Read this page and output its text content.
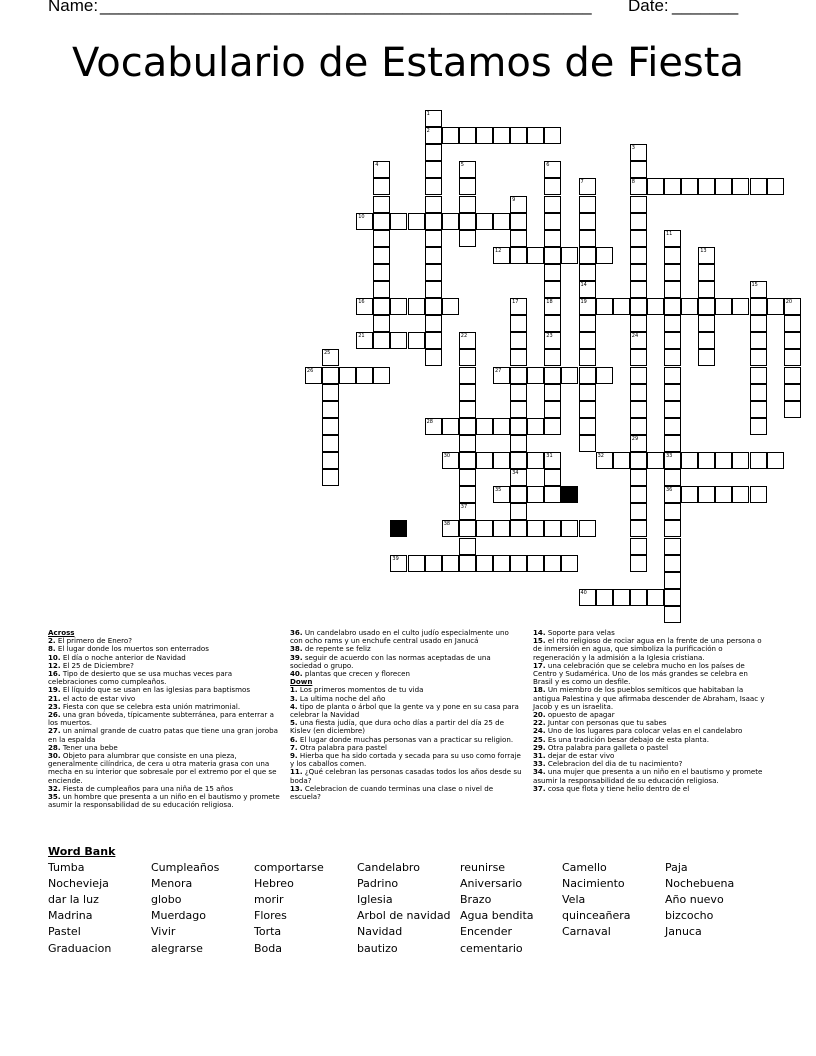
Name: ____________________________________________________ Date: _______
Vocabulario de Estamos de Fiesta
1
2
3
8
24
29
4	5	6
7
14
19
9
10
11
12	13
15
16	17	18
23
20
21	22
37
25
26	27
28
30	31	32	33
36
34
35
38
39
40
Across
2. El primero de Enero?
8. El lugar donde los muertos son enterrados
10. El día o noche anterior de Navidad
12. El 25 de Diciembre?
16. Tipo de desierto que se usa muchas veces para celebraciones como cumpleaños.
19. El líquido que se usan en las iglesias para baptismos
21. el acto de estar vivo
23. Fiesta con que se celebra esta unión matrimonial.
26. una gran bóveda, típicamente subterránea, para enterrar a los muertos.
27. un animal grande de cuatro patas que tiene una gran joroba en la espalda
28. Tener una bebe
30. Objeto para alumbrar que consiste en una pieza, generalmente cilíndrica, de cera u otra materia grasa con una mecha en su interior que sobresale por el extremo por el que se enciende.
32. Fiesta de cumpleaños para una niña de 15 años
35. un hombre que presenta a un niño en el bautismo y promete asumir la responsabilidad de su educación religiosa.
36. Un candelabro usado en el culto judío especialmente uno con ocho rams y un enchufe central usado en Janucá
38. de repente se feliz
39. seguir de acuerdo con las normas aceptadas de una sociedad o grupo.
40. plantas que crecen y florecen
Down
1. Los primeros momentos de tu vida
3. La ultima noche del año
4. tipo de planta o árbol que la gente va y pone en su casa para celebrar la Navidad
5. una fiesta judía, que dura ocho días a partir del día 25 de Kislev (en diciembre)
6. El lugar donde muchas personas van a practicar su religion.
7. Otra palabra para pastel
9. Hierba que ha sido cortada y secada para su uso como forraje y los caballos comen.
11. ¿Qué celebran las personas casadas todos los años desde su boda?
13. Celebracion de cuando terminas una clase o nivel de escuela?
14. Soporte para velas
15. el rito religioso de rociar agua en la frente de una persona o de inmersión en agua, que simboliza la purificación o regeneración y la admisión a la Iglesia cristiana.
17. una celebración que se celebra mucho en los países de Centro y Sudamérica. Uno de los más grandes se celebra en Brasil y es como un desfile.
18. Un miembro de los pueblos semíticos que habitaban la antigua Palestina y que afirmaba descender de Abraham, Isaac y Jacob y es un israelita.
20. opuesto de apagar
22. Juntar con personas que tu sabes
24. Uno de los lugares para colocar velas en el candelabro
25. Es una tradición besar debajo de esta planta.
29. Otra palabra para galleta o pastel
31. dejar de estar vivo
33. Celebracion del dia de tu nacimiento?
34. una mujer que presenta a un niño en el bautismo y promete asumir la responsabilidad de su educación religiosa.
37. cosa que flota y tiene helio dentro de el
Word Bank
Tumba
Nochevieja
dar la luz
Madrina
Pastel
Graduacion
Cumpleaños
Menora
globo
Muerdago
Vivir
alegrarse
comportarse
Hebreo
morir
Flores
Torta
Boda
Candelabro
Padrino
Iglesia
Arbol de navidad
Navidad
bautizo
reunirse
Aniversario
Brazo
Agua bendita
Encender
cementario
Camello
Nacimiento
Vela
quinceañera
Carnaval
Paja
Nochebuena
Año nuevo
bizcocho
Januca
